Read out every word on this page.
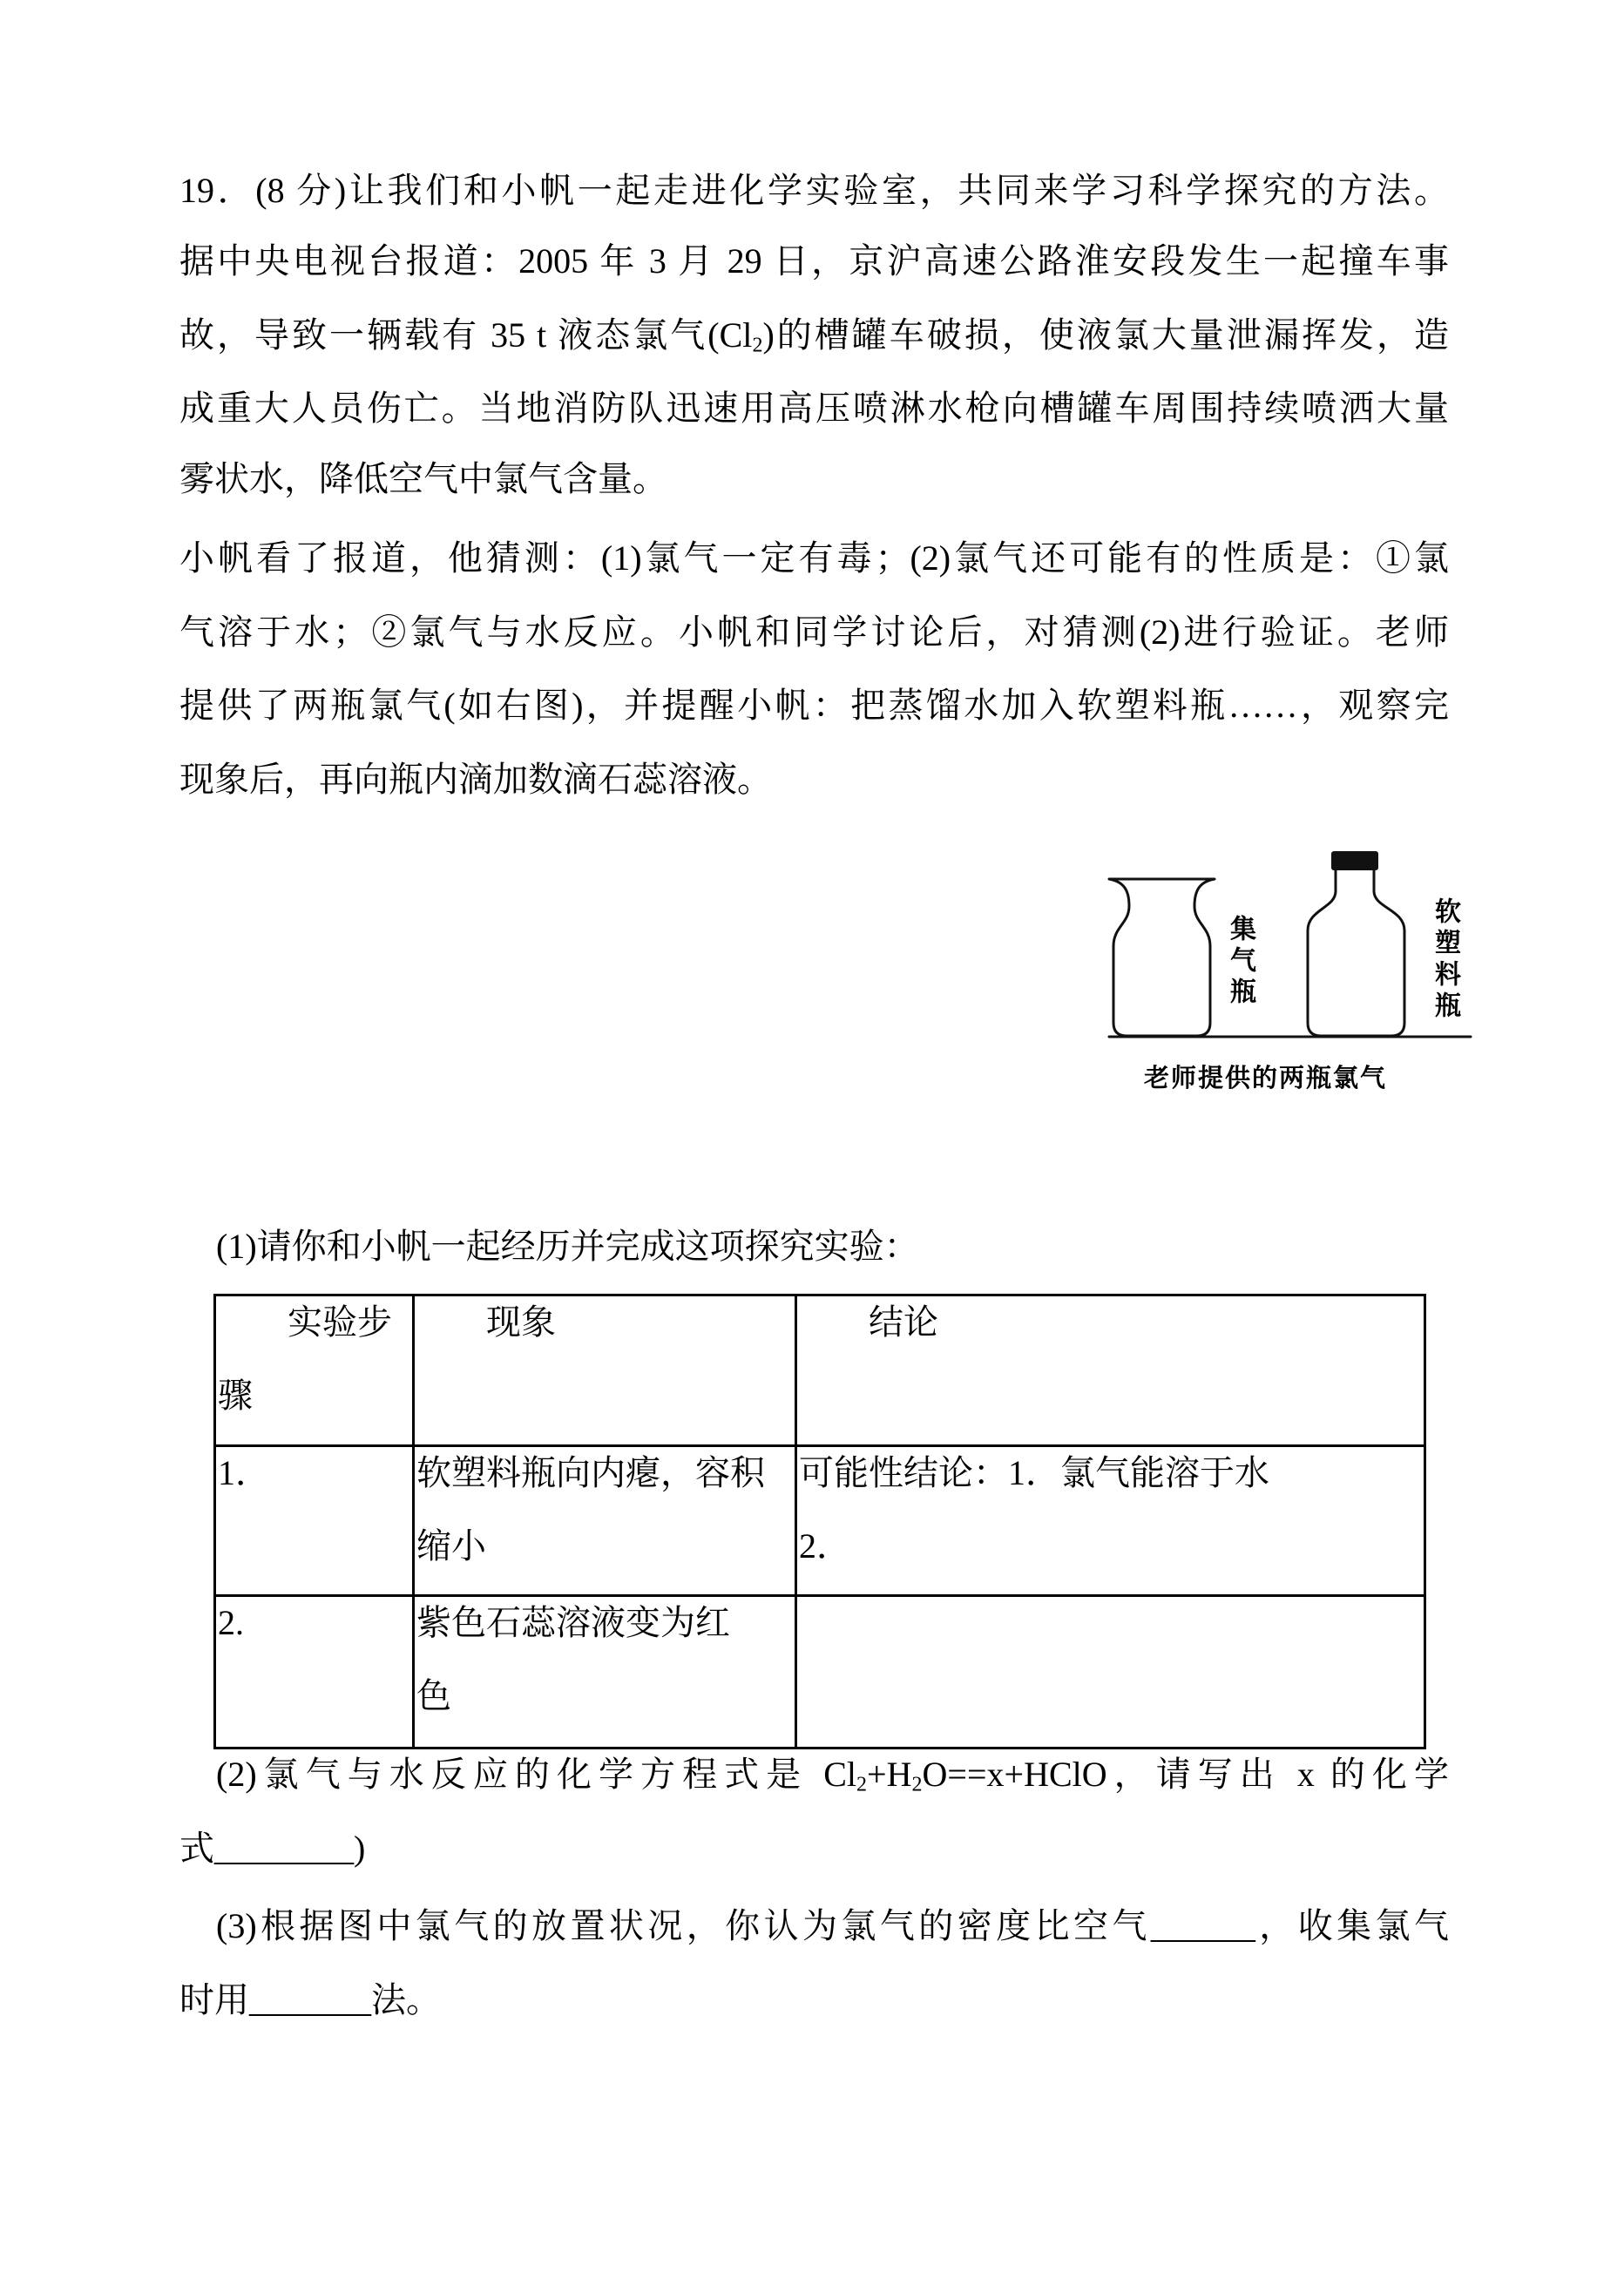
19．(8 分)让我们和小帆一起走进化学实验室，共同来学习科学探究的方法。
据中央电视台报道：2005 年 3 月 29 日，京沪高速公路淮安段发生一起撞车事
故，导致一辆载有 35 t 液态氯气$(Cl_2)$的槽罐车破损，使液氯大量泄漏挥发，造
成重大人员伤亡。当地消防队迅速用高压喷淋水枪向槽罐车周围持续喷洒大量
雾状水，降低空气中氯气含量。
小帆看了报道，他猜测：(1)氯气一定有毒；(2)氯气还可能有的性质是：①氯
气溶于水；②氯气与水反应。小帆和同学讨论后，对猜测(2)进行验证。老师
提供了两瓶氯气(如右图)，并提醒小帆：把蒸馏水加入软塑料瓶……，观察完
现象后，再向瓶内滴加数滴石蕊溶液。
集气瓶	软塑料瓶
老师提供的两瓶氯气
(1)请你和小帆一起经历并完成这项探究实验：
实验步骤	现象	结论

1．	软塑料瓶向内瘪，容积缩小	可能性结论：1．氯气能溶于水
2．

2.	紫色石蕊溶液变为红色	

(2)氯气与水反应的化学方程式是 $Cl_2+H_2O==x+HClO$，请写出 x 的化学
式________)
(3)根据图中氯气的放置状况，你认为氯气的密度比空气______，收集氯气
时用_______法。
